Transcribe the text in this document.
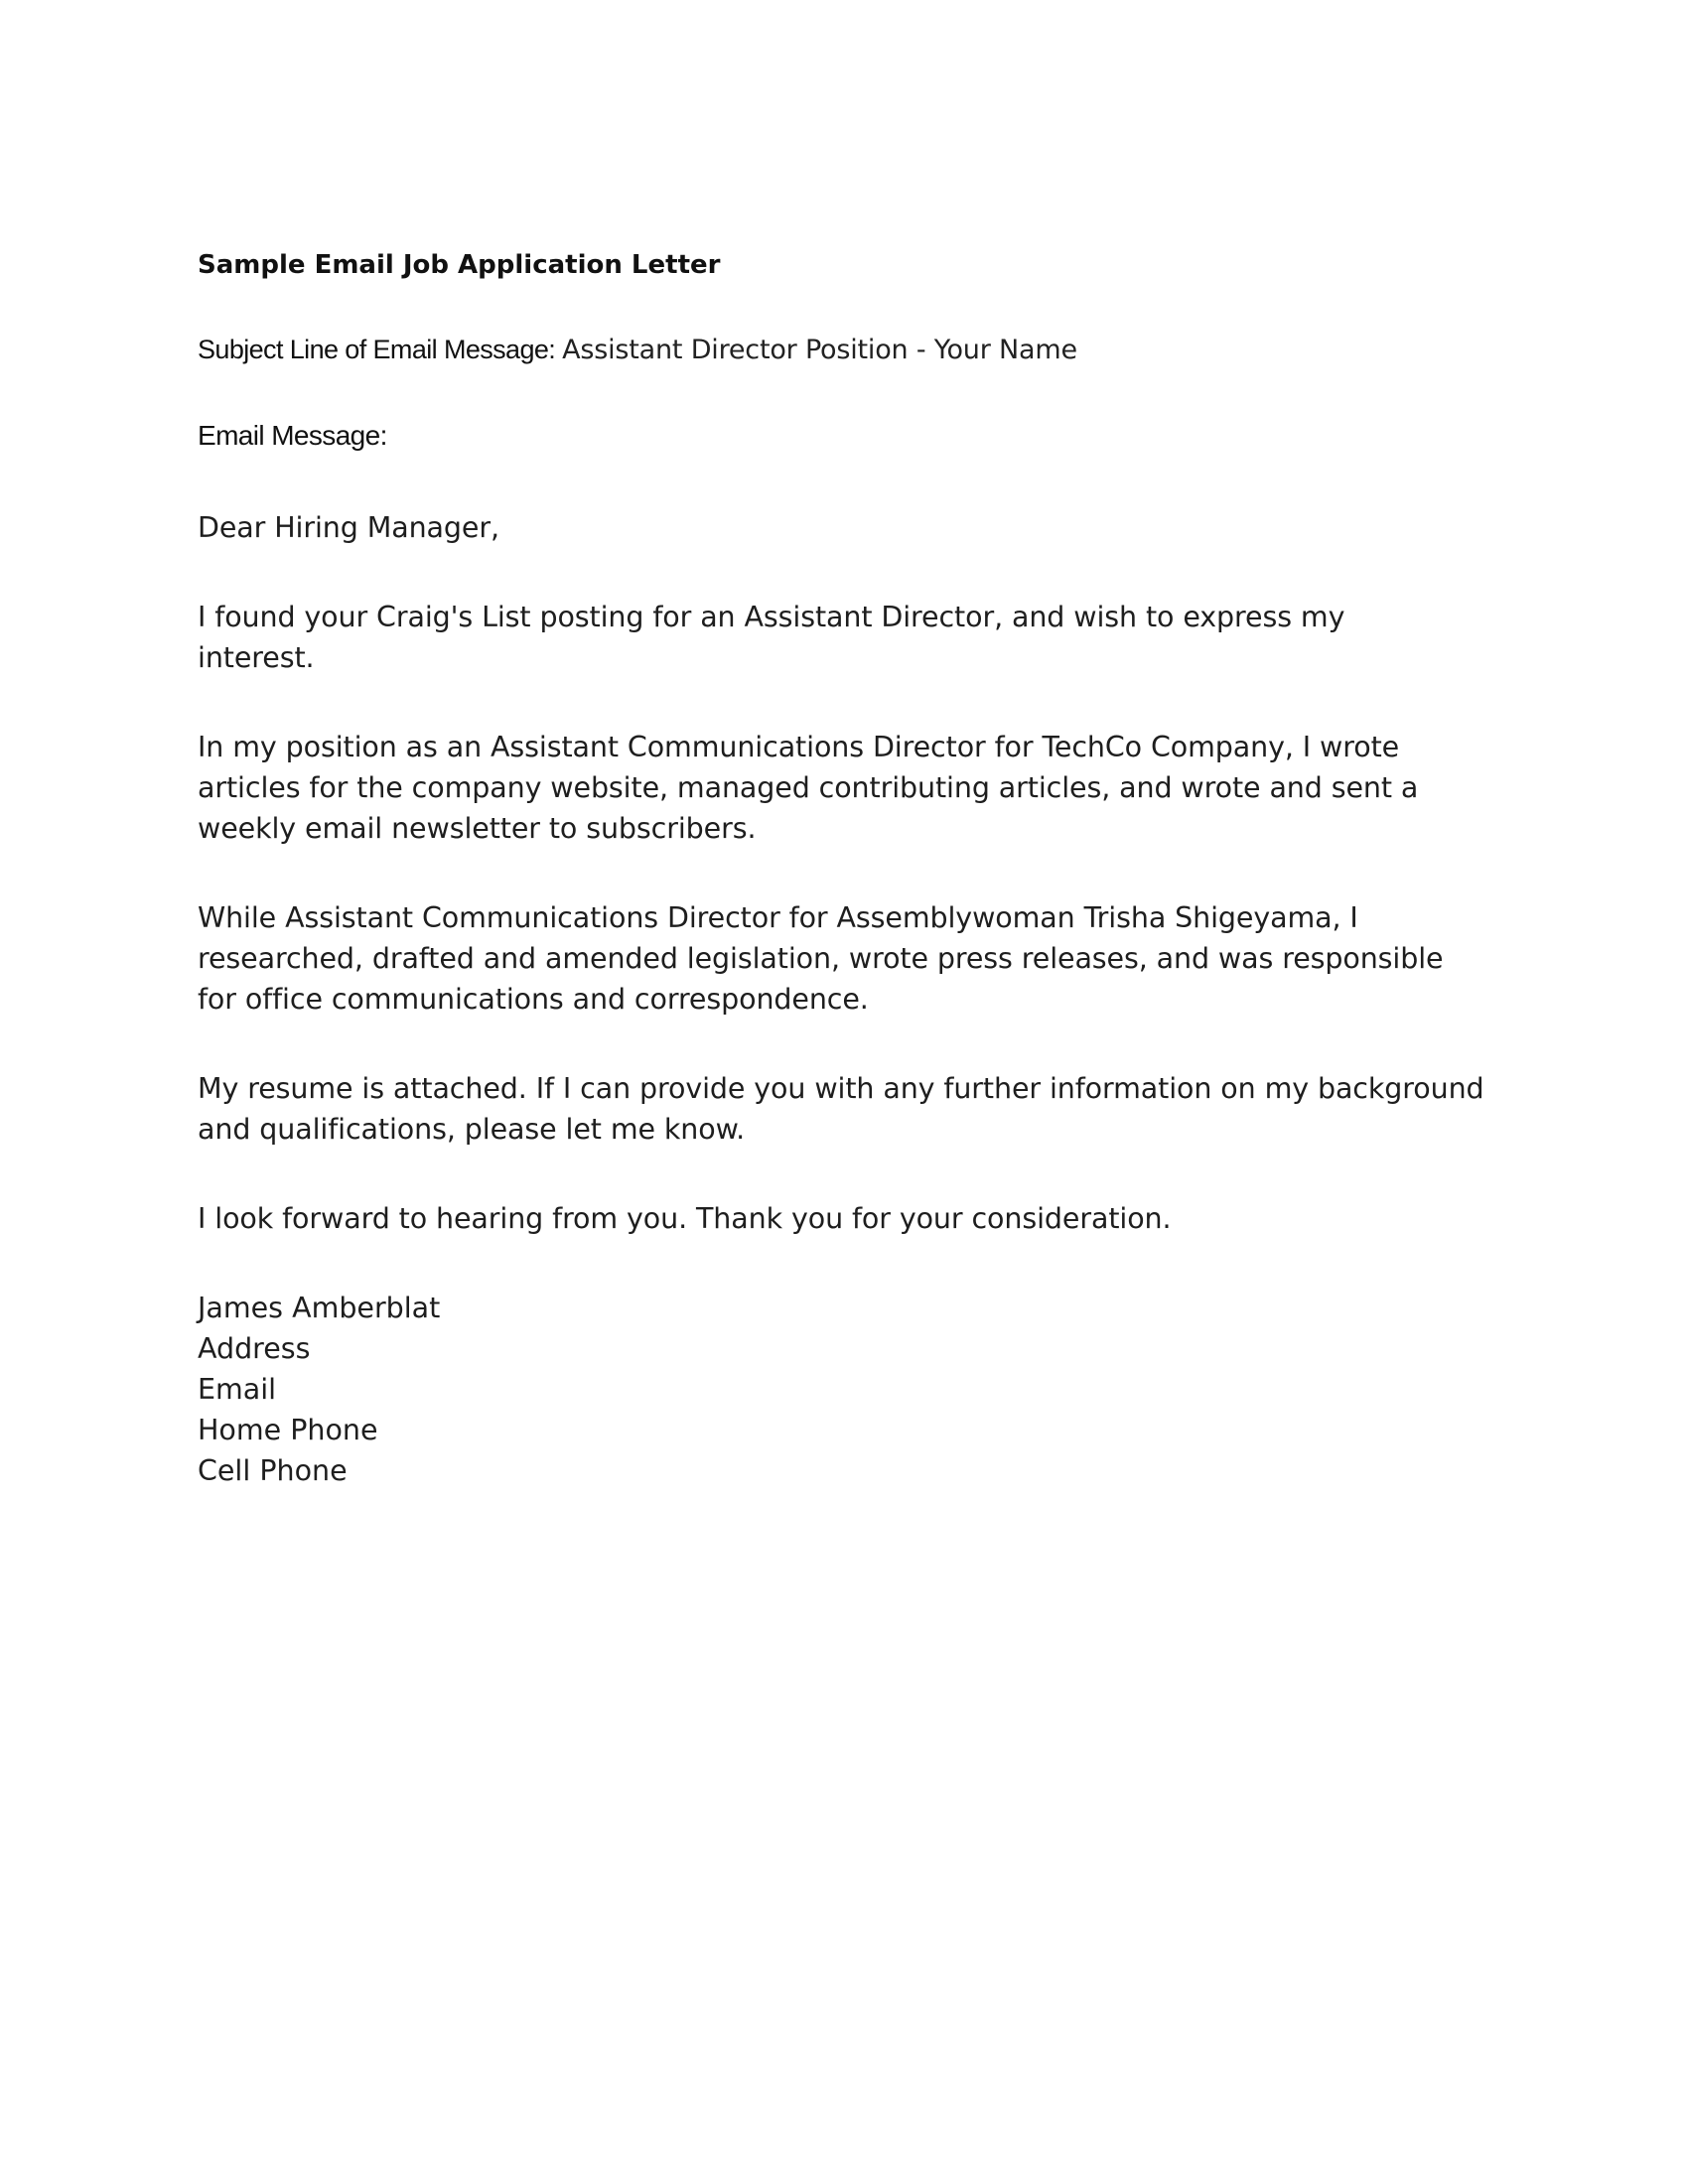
Sample Email Job Application Letter
Subject Line of Email Message: Assistant Director Position - Your Name
Email Message:
Dear Hiring Manager,
I found your Craig's List posting for an Assistant Director, and wish to express my interest.
In my position as an Assistant Communications Director for TechCo Company, I wrote articles for the company website, managed contributing articles, and wrote and sent a weekly email newsletter to subscribers.
While Assistant Communications Director for Assemblywoman Trisha Shigeyama, I researched, drafted and amended legislation, wrote press releases, and was responsible for office communications and correspondence.
My resume is attached. If I can provide you with any further information on my background and qualifications, please let me know.
I look forward to hearing from you. Thank you for your consideration.
James Amberblat
Address
Email
Home Phone
Cell Phone
